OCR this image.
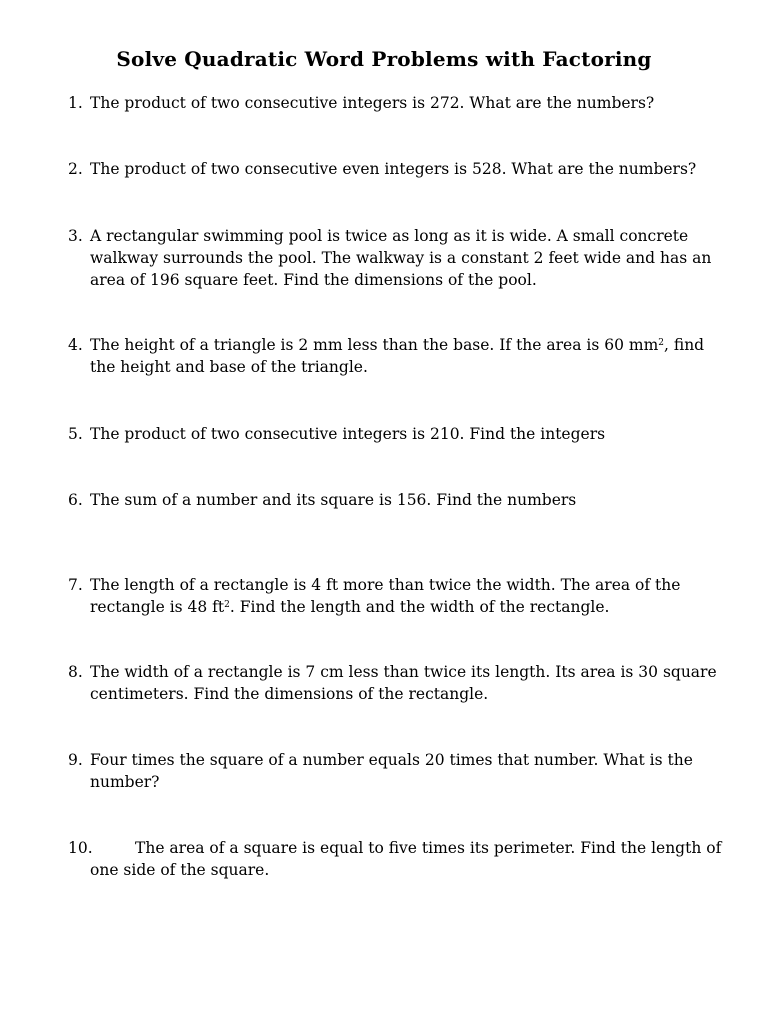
Solve Quadratic Word Problems with Factoring
1. The product of two consecutive integers is 272. What are the numbers?
2. The product of two consecutive even integers is 528. What are the numbers?
3. A rectangular swimming pool is twice as long as it is wide. A small concrete walkway surrounds the pool. The walkway is a constant 2 feet wide and has an area of 196 square feet. Find the dimensions of the pool.
4. The height of a triangle is 2 mm less than the base. If the area is 60 $mm^2$, find the height and base of the triangle.
5. The product of two consecutive integers is 210. Find the integers
6. The sum of a number and its square is 156. Find the numbers
7. The length of a rectangle is 4 ft more than twice the width. The area of the rectangle is 48 $ft^2$. Find the length and the width of the rectangle.
8. The width of a rectangle is 7 cm less than twice its length. Its area is 30 square centimeters. Find the dimensions of the rectangle.
9. Four times the square of a number equals 20 times that number. What is the number?
10.	The area of a square is equal to five times its perimeter. Find the length of one side of the square.
